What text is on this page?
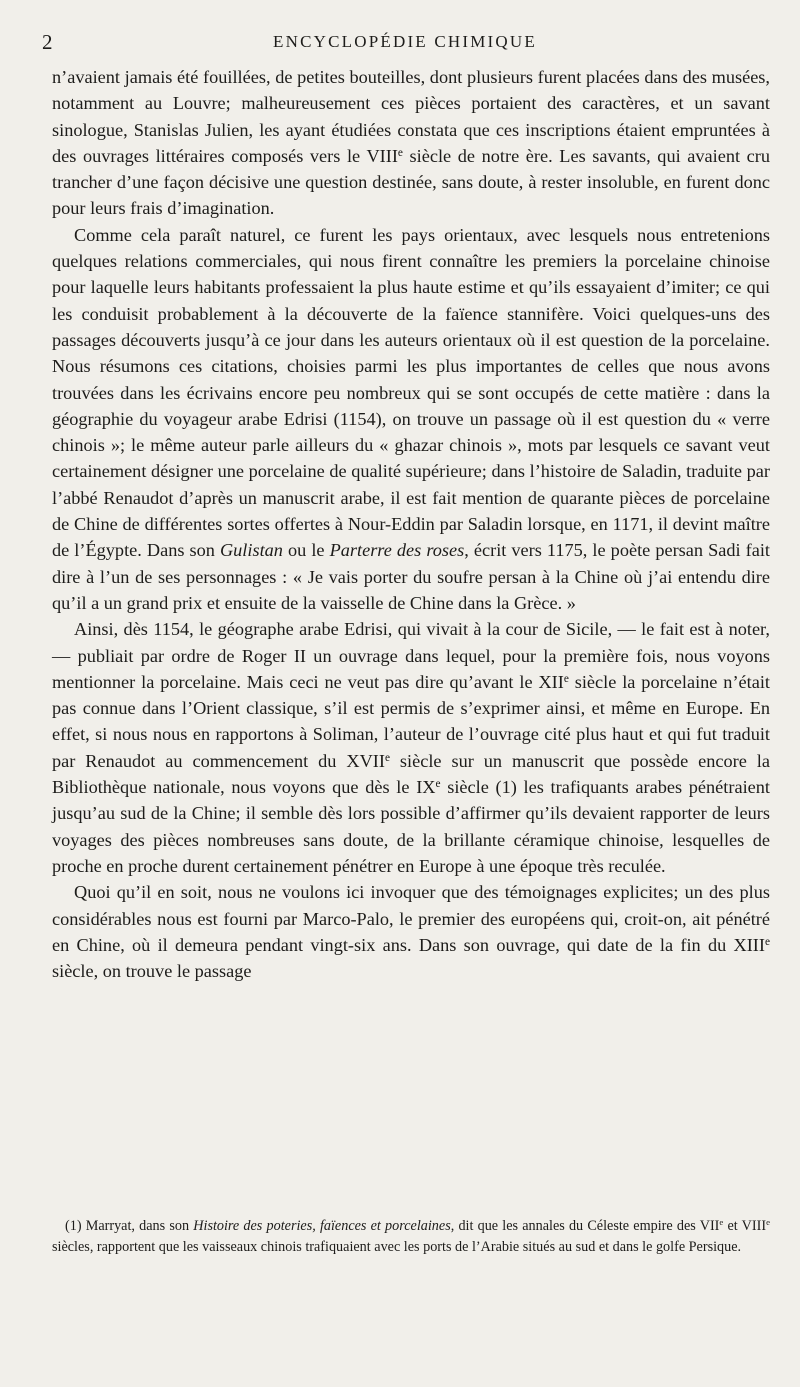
2	ENCYCLOPÉDIE CHIMIQUE

n’avaient jamais été fouillées, de petites bouteilles, dont plusieurs furent placées dans des musées, notamment au Louvre; malheureusement ces pièces portaient des caractères, et un savant sinologue, Stanislas Julien, les ayant étudiées constata que ces inscriptions étaient empruntées à des ouvrages littéraires composés vers le VIIIe siècle de notre ère. Les savants, qui avaient cru trancher d’une façon décisive une question destinée, sans doute, à rester insoluble, en furent donc pour leurs frais d’imagination.

Comme cela paraît naturel, ce furent les pays orientaux, avec lesquels nous entretenions quelques relations commerciales, qui nous firent connaître les premiers la porcelaine chinoise pour laquelle leurs habitants professaient la plus haute estime et qu’ils essayaient d’imiter; ce qui les conduisit probablement à la découverte de la faïence stannifère. Voici quelques-uns des passages découverts jusqu’à ce jour dans les auteurs orientaux où il est question de la porcelaine. Nous résumons ces citations, choisies parmi les plus importantes de celles que nous avons trouvées dans les écrivains encore peu nombreux qui se sont occupés de cette matière : dans la géographie du voyageur arabe Edrisi (1154), on trouve un passage où il est question du « verre chinois »; le même auteur parle ailleurs du « ghazar chinois », mots par lesquels ce savant veut certainement désigner une porcelaine de qualité supérieure; dans l’histoire de Saladin, traduite par l’abbé Renaudot d’après un manuscrit arabe, il est fait mention de quarante pièces de porcelaine de Chine de différentes sortes offertes à Nour-Eddin par Saladin lorsque, en 1171, il devint maître de l’Égypte. Dans son Gulistan ou le Parterre des roses, écrit vers 1175, le poète persan Sadi fait dire à l’un de ses personnages : « Je vais porter du soufre persan à la Chine où j’ai entendu dire qu’il a un grand prix et ensuite de la vaisselle de Chine dans la Grèce. »

Ainsi, dès 1154, le géographe arabe Edrisi, qui vivait à la cour de Sicile, — le fait est à noter, — publiait par ordre de Roger II un ouvrage dans lequel, pour la première fois, nous voyons mentionner la porcelaine. Mais ceci ne veut pas dire qu’avant le XIIe siècle la porcelaine n’était pas connue dans l’Orient classique, s’il est permis de s’exprimer ainsi, et même en Europe. En effet, si nous nous en rapportons à Soliman, l’auteur de l’ouvrage cité plus haut et qui fut traduit par Renaudot au commencement du XVIIe siècle sur un manuscrit que possède encore la Bibliothèque nationale, nous voyons que dès le IXe siècle (1) les trafiquants arabes pénétraient jusqu’au sud de la Chine; il semble dès lors possible d’affirmer qu’ils devaient rapporter de leurs voyages des pièces nombreuses sans doute, de la brillante céramique chinoise, lesquelles de proche en proche durent certainement pénétrer en Europe à une époque très reculée.

Quoi qu’il en soit, nous ne voulons ici invoquer que des témoignages explicites; un des plus considérables nous est fourni par Marco-Palo, le premier des européens qui, croit-on, ait pénétré en Chine, où il demeura pendant vingt-six ans. Dans son ouvrage, qui date de la fin du XIIIe siècle, on trouve le passage

(1) Marryat, dans son Histoire des poteries, faïences et porcelaines, dit que les annales du Céleste empire des VIIe et VIIIe siècles, rapportent que les vaisseaux chinois trafiquaient avec les ports de l’Arabie situés au sud et dans le golfe Persique.
